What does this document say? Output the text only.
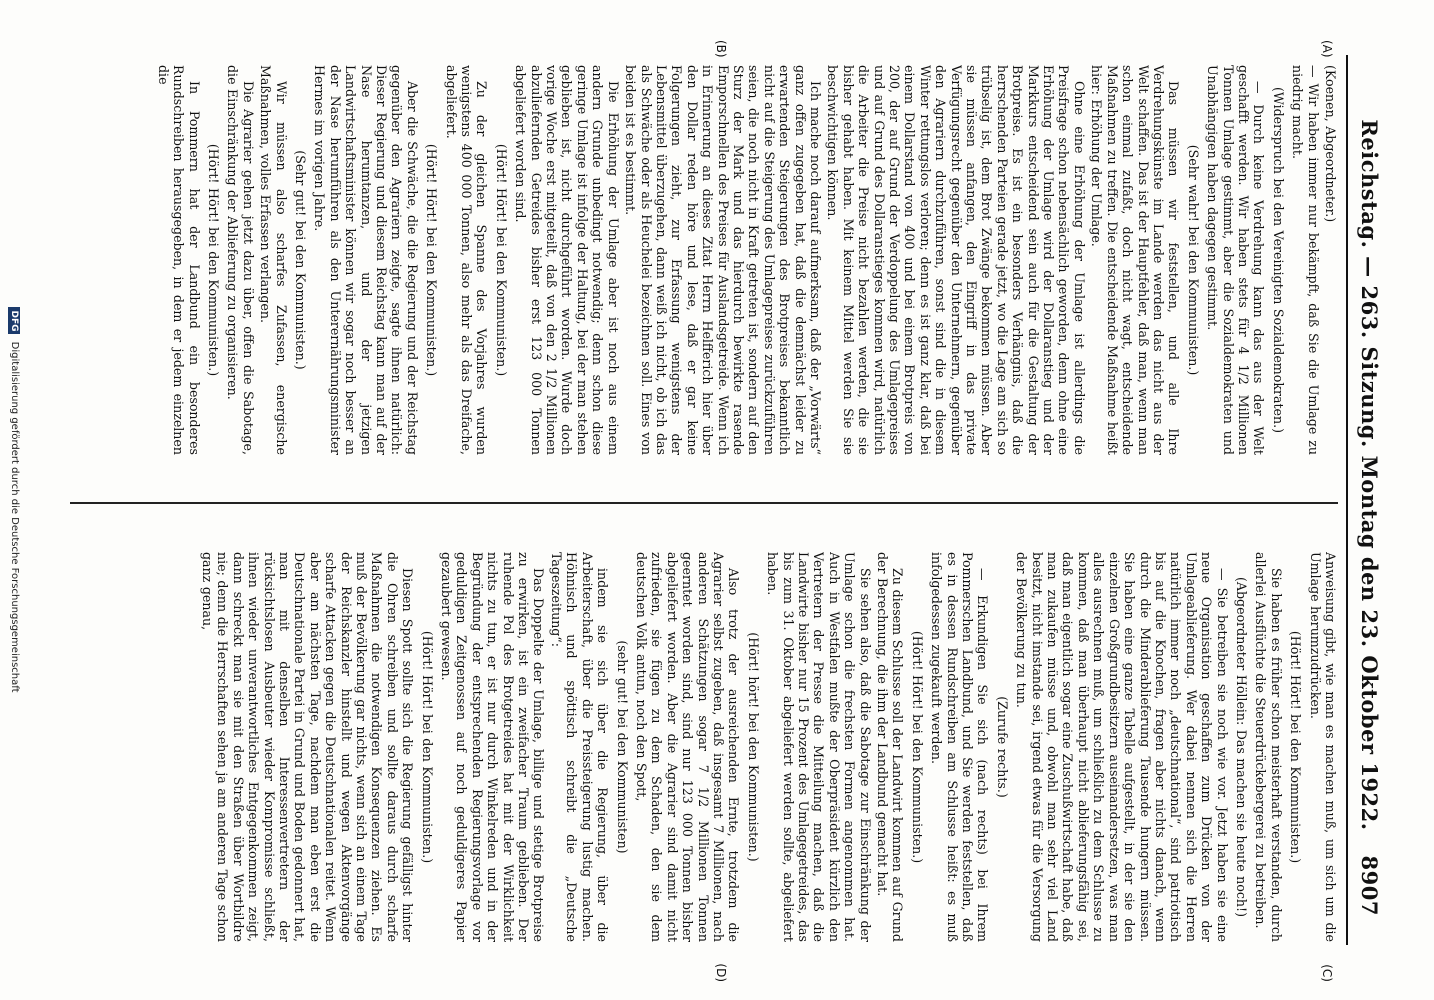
Reichstag. — 263. Sitzung. Montag den 23. Oktober 1922.
8907
(A)
(B)
(C)
(D)

(Koenen, Abgeordneter.)

— Wir haben immer nur bekämpft, daß Sie die Umlage zu niedrig macht.

(Widerspruch bei den Vereinigten Sozialdemokraten.)

— Durch keine Verdrehung kann das aus der Welt geschafft werden. Wir haben stets für 4 1/2 Millionen Tonnen Umlage gestimmt, aber die Sozialdemokraten und Unabhängigen haben dagegen gestimmt.

(Sehr wahr! bei den Kommunisten.)

Das müssen wir feststellen, und alle Ihre Verdrehungskünste im Lande werden das nicht aus der Welt schaffen. Das ist der Hauptfehler, daß man, wenn man schon einmal zufaßt, doch nicht wagt, entscheidende Maßnahmen zu treffen. Die entscheidende Maßnahme heißt hier: Erhöhung der Umlage.

Ohne eine Erhöhung der Umlage ist allerdings die Preisfrage schon nebensächlich geworden, denn ohne eine Erhöhung der Umlage wird der Dollaranstieg und der Markkurs entscheidend sein auch für die Gestaltung der Brotpreise. Es ist ein besonders Verhängnis, daß die herrschenden Parteien gerade jetzt, wo die Lage am sich so trübselig ist, dem Brot Zwänge bekommen müssen. Aber sie müssen anfangen, den Eingriff in das private Verfügungsrecht gegenüber den Unternehmern, gegenüber den Agrariern durchzuführen, sonst sind die in diesem Winter rettungslos verloren; denn es ist ganz klar, daß bei einem Dollarstand von 400 und bei einem Brotpreis von 200, der auf Grund der Verdoppelung des Umlagepreises und auf Grund des Dollaranstieges kommen wird, natürlich die Arbeiter die Preise nicht bezahlen werden, die sie bisher gehabt haben. Mit keinem Mittel werden Sie sie beschwichtigen können.

Ich mache noch darauf aufmerksam, daß der „Vorwärts“ ganz offen zugegeben hat, daß die demnächst leider zu erwartenden Steigerungen des Brotpreises bekanntlich nicht auf die Steigerung des Umlagepreises zurückzuführen seien, die noch nicht in Kraft getreten ist, sondern auf den Sturz der Mark und das hierdurch bewirkte rasende Emporschnellen des Preises für Auslandsgetreide. Wenn ich in Erinnerung an dieses Zitat Herrn Helfferich hier über den Dollar reden höre und lese, daß er gar keine Folgerungen zieht, zur Erfassung wenigstens der Lebensmittel überzugehen, dann weiß ich nicht, ob ich das als Schwäche oder als Heuchelei bezeichnen soll. Eines von beiden ist es bestimmt.

Die Erhöhung der Umlage aber ist noch aus einem andern Grunde unbedingt notwendig; denn schon diese geringe Umlage ist infolge der Haltung, bei der man stehen geblieben ist, nicht durchgeführt worden. Wurde doch vorige Woche erst mitgeteilt, daß von den 2 1/2 Millionen abzuliefernden Getreides bisher erst 123 000 Tonnen abgeliefert worden sind.

(Hört! Hört! bei den Kommunisten.)

Zu der gleichen Spanne des Vorjahres wurden wenigstens 400 000 Tonnen, also mehr als das Dreifache, abgeliefert.

(Hört! Hört! bei den Kommunisten.)

Aber die Schwäche, die die Regierung und der Reichstag gegenüber den Agrariern zeigte, sagte ihnen natürlich: Dieser Regierung und diesem Reichstag kann man auf der Nase herumtanzen, und der jetzigen Landwirtschaftsminister können wir sogar noch besser an der Nase herumführen als den Unterernährungsminister Hermes im vorigen Jahre.

(Sehr gut! bei den Kommunisten.)

Wir müssen also scharfes Zufassen, energische Maßnahmen, volles Erfassen verlangen.

Die Agrarier gehen jetzt dazu über, offen die Sabotage, die Einschränkung der Ablieferung zu organisieren.

(Hört! Hört! bei den Kommunisten.)

In Pommern hat der Landbund ein besonderes Rundschreiben herausgegeben, in dem er jedem einzelnen die

Anweisung gibt, wie man es machen muß, um sich um die Umlage herumzudrücken.

(Hört! Hört! bei den Kommunisten.)

Sie haben es früher schon meisterhaft verstanden, durch allerlei Ausflüchte die Steuerdrückebergerei zu betreiben.

(Abgeordneter Höllein: Das machen sie heute noch!)

— Sie betreiben sie noch wie vor. Jetzt haben sie eine neue Organisation geschaffen zum Drücken von der Umlageablieferung. Wer dabei nennen sich die Herren natürlich immer noch „deutschnational“, sind patriotisch bis auf die Knochen, fragen aber nichts danach, wenn durch die Minderablieferung Tausende hungern müssen. Sie haben eine ganze Tabelle aufgestellt, in der sie den einzelnen Großgrundbesitzern auseinandersetzen, was man alles ausrechnen muß, um schließlich zu dem Schlusse zu kommen, daß man überhaupt nicht ablieferungsfähig sei, daß man eigentlich sogar eine Zuschußwirtschaft habe, daß man zukaufen müsse und, obwohl man sehr viel Land besitzt, nicht imstande sei, irgend etwas für die Versorgung der Bevölkerung zu tun.

(Zurufe rechts.)

— Erkundigen Sie sich (nach rechts) bei Ihrem Pommerschen Landbund, und Sie werden feststellen, daß es in dessen Rundschreiben am Schlusse heißt: es muß infolgedessen zugekauft werden.

(Hört! Hört! bei den Kommunisten.)

Zu diesem Schlusse soll der Landwirt kommen auf Grund der Berechnung, die ihm der Landbund gemacht hat.

Sie sehen also, daß die Sabotage zur Einschränkung der Umlage schon die frechsten Formen angenommen hat. Auch in Westfalen mußte der Oberpräsident kürzlich den Vertretern der Presse die Mitteilung machen, daß die Landwirte bisher nur 15 Prozent des Umlagegetreides, das bis zum 31. Oktober abgeliefert werden sollte, abgeliefert haben.

(Hört! hört! bei den Kommunisten.)

Also trotz der ausreichenden Ernte, trotzdem die Agrarier selbst zugeben, daß insgesamt 7 Millionen, nach anderen Schätzungen sogar 7 1/2 Millionen Tonnen geerntet worden sind, sind nur 123 000 Tonnen bisher abgeliefert worden. Aber die Agrarier sind damit nicht zufrieden, sie fügen zu dem Schaden, den sie dem deutschen Volk antun, noch den Spott,

(sehr gut! bei den Kommunisten)

indem sie sich über die Regierung, über die Arbeiterschaft, über die Preissteigerung lustig machen. Höhnisch und spöttisch schreibt die „Deutsche Tageszeitung“:

Das Doppelte der Umlage, billige und stetige Brotpreise zu erwirken, ist ein zweifacher Traum geblieben. Der ruhende Pol des Brotgetreides hat mit der Wirklichkeit nichts zu tun, er ist nur durch Winkelreden und in der Begründung der entsprechenden Regierungsvorlage vor geduldigen Zeitgenossen auf noch geduldigeres Papier gezaubert gewesen.

(Hört! Hört! bei den Kommunisten.)

Diesen Spott sollte sich die Regierung gefälligst hinter die Ohren schreiben und sollte daraus durch scharfe Maßnahmen die notwendigen Konsequenzen ziehen. Es muß der Bevölkerung gar nichts, wenn sich an einem Tage der Reichskanzler hinstellt und wegen Aktenvorgänge scharfe Attacken gegen die Deutschnationalen reitet. Wenn aber am nächsten Tage, nachdem man eben erst die Deutschnationale Partei in Grund und Boden gedonnert hat, man mit denselben Interessenvertretern der rücksichtslosen Ausbeuter wieder Kompromisse schließt, ihnen wieder unverantwortliches Entgegenkommen zeigt, dann schreckt man sie mit den Straßen über Wortbildre nie; denn die Herrschaften sehen ja am anderen Tage schon ganz genau,

DFG Digitalisierung gefördert durch die Deutsche Forschungsgemeinschaft
